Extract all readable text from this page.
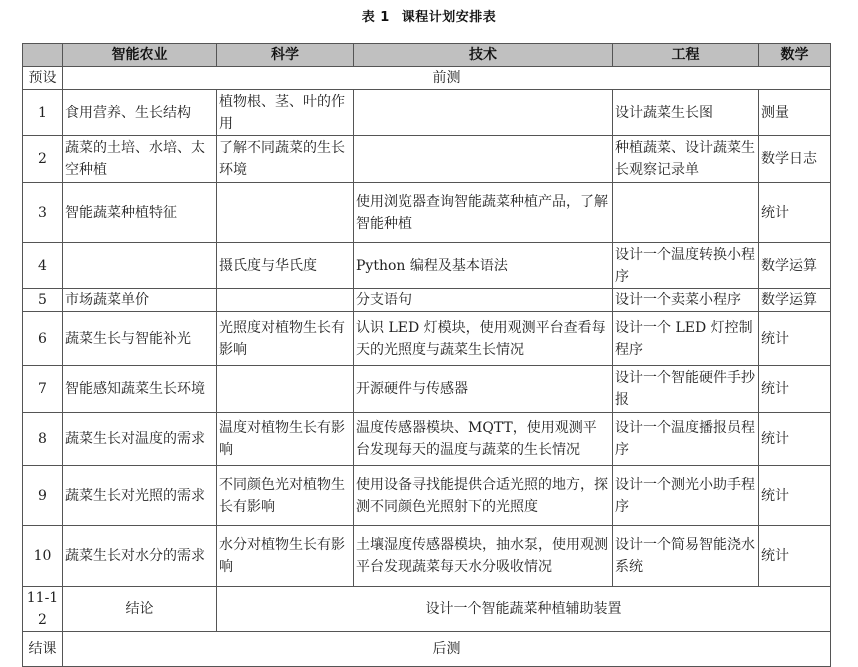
表 1 课程计划安排表
	智能农业	科学	技术	工程	数学
预设	前测				
1	食用营养、生长结构	植物根、茎、叶的作用		设计蔬菜生长图	测量
2	蔬菜的土培、水培、太空种植	了解不同蔬菜的生长环境		种植蔬菜、设计蔬菜生长观察记录单	数学日志
3	智能蔬菜种植特征		使用浏览器查询智能蔬菜种植产品，了解智能种植		统计
4		摄氏度与华氏度	Python 编程及基本语法	设计一个温度转换小程序	数学运算
5	市场蔬菜单价		分支语句	设计一个卖菜小程序	数学运算
6	蔬菜生长与智能补光	光照度对植物生长有影响	认识 LED 灯模块，使用观测平台查看每天的光照度与蔬菜生长情况	设计一个 LED 灯控制程序	统计
7	智能感知蔬菜生长环境		开源硬件与传感器	设计一个智能硬件手抄报	统计
8	蔬菜生长对温度的需求	温度对植物生长有影响	温度传感器模块、MQTT，使用观测平台发现每天的温度与蔬菜的生长情况	设计一个温度播报员程序	统计
9	蔬菜生长对光照的需求	不同颜色光对植物生长有影响	使用设备寻找能提供合适光照的地方，探测不同颜色光照射下的光照度	设计一个测光小助手程序	统计
10	蔬菜生长对水分的需求	水分对植物生长有影响	土壤湿度传感器模块，抽水泵，使用观测平台发现蔬菜每天水分吸收情况	设计一个简易智能浇水系统	统计
11-12	结论	设计一个智能蔬菜种植辅助装置			
结课	后测				
